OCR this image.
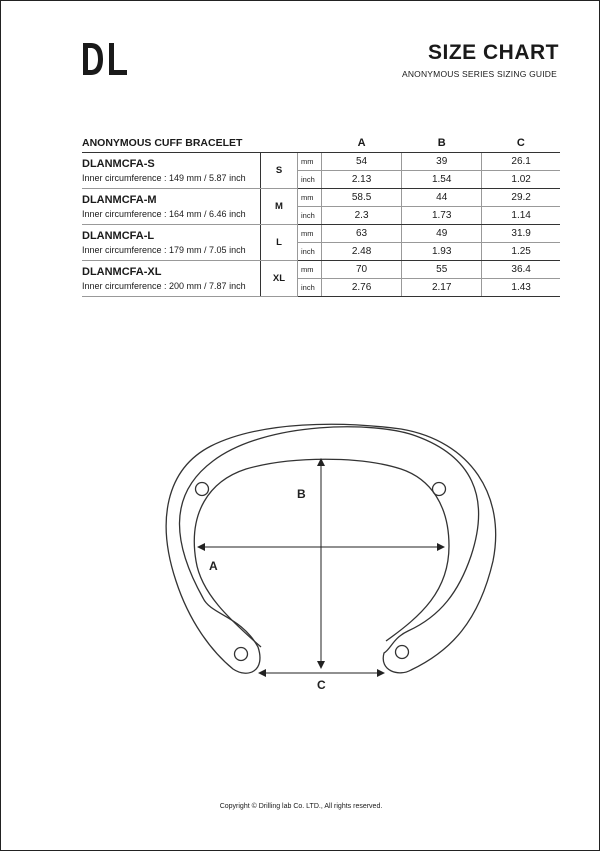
SIZE CHART
ANONYMOUS SERIES SIZING GUIDE
ANONYMOUS CUFF BRACELET			A	B	C

DLANMCFA-S
Inner circumference : 149 mm / 5.87 inch	S	mm	54	39	26.1
		inch	2.13	1.54	1.02

DLANMCFA-M
Inner circumference : 164 mm / 6.46 inch	M	mm	58.5	44	29.2
		inch	2.3	1.73	1.14

DLANMCFA-L
Inner circumference : 179 mm / 7.05 inch	L	mm	63	49	31.9
		inch	2.48	1.93	1.25

DLANMCFA-XL
Inner circumference : 200 mm / 7.87 inch	XL	mm	70	55	36.4
		inch	2.76	2.17	1.43
A
B
C
Copyright © Drilling lab Co. LTD., All rights reserved.
